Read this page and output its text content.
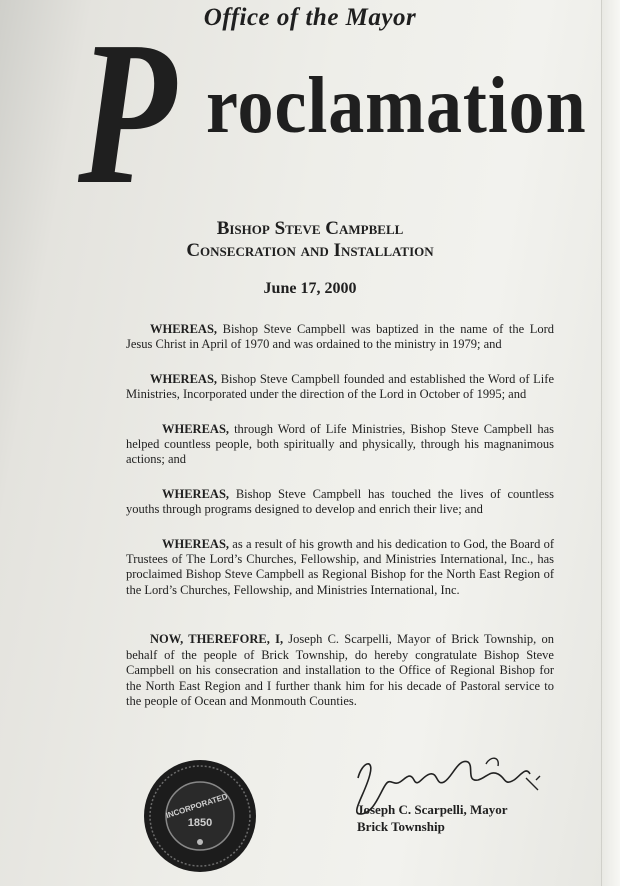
Office of the Mayor
P roclamation
Bishop Steve Campbell
Consecration and Installation
June 17, 2000

WHEREAS, Bishop Steve Campbell was baptized in the name of the Lord Jesus Christ in April of 1970 and was ordained to the ministry in 1979; and

WHEREAS, Bishop Steve Campbell founded and established the Word of Life Ministries, Incorporated under the direction of the Lord in October of 1995; and

WHEREAS, through Word of Life Ministries, Bishop Steve Campbell has helped countless people, both spiritually and physically, through his magnanimous actions; and

WHEREAS, Bishop Steve Campbell has touched the lives of countless youths through programs designed to develop and enrich their live; and

WHEREAS, as a result of his growth and his dedication to God, the Board of Trustees of The Lord’s Churches, Fellowship, and Ministries International, Inc., has proclaimed Bishop Steve Campbell as Regional Bishop for the North East Region of the Lord’s Churches, Fellowship, and Ministries International, Inc.

NOW, THEREFORE, I, Joseph C. Scarpelli, Mayor of Brick Township, on behalf of the people of Brick Township, do hereby congratulate Bishop Steve Campbell on his consecration and installation to the Office of Regional Bishop for the North East Region and I further thank him for his decade of Pastoral service to the people of Ocean and Monmouth Counties.

INCORPORATED
1850
Joseph C. Scarpelli, Mayor
Brick Township
